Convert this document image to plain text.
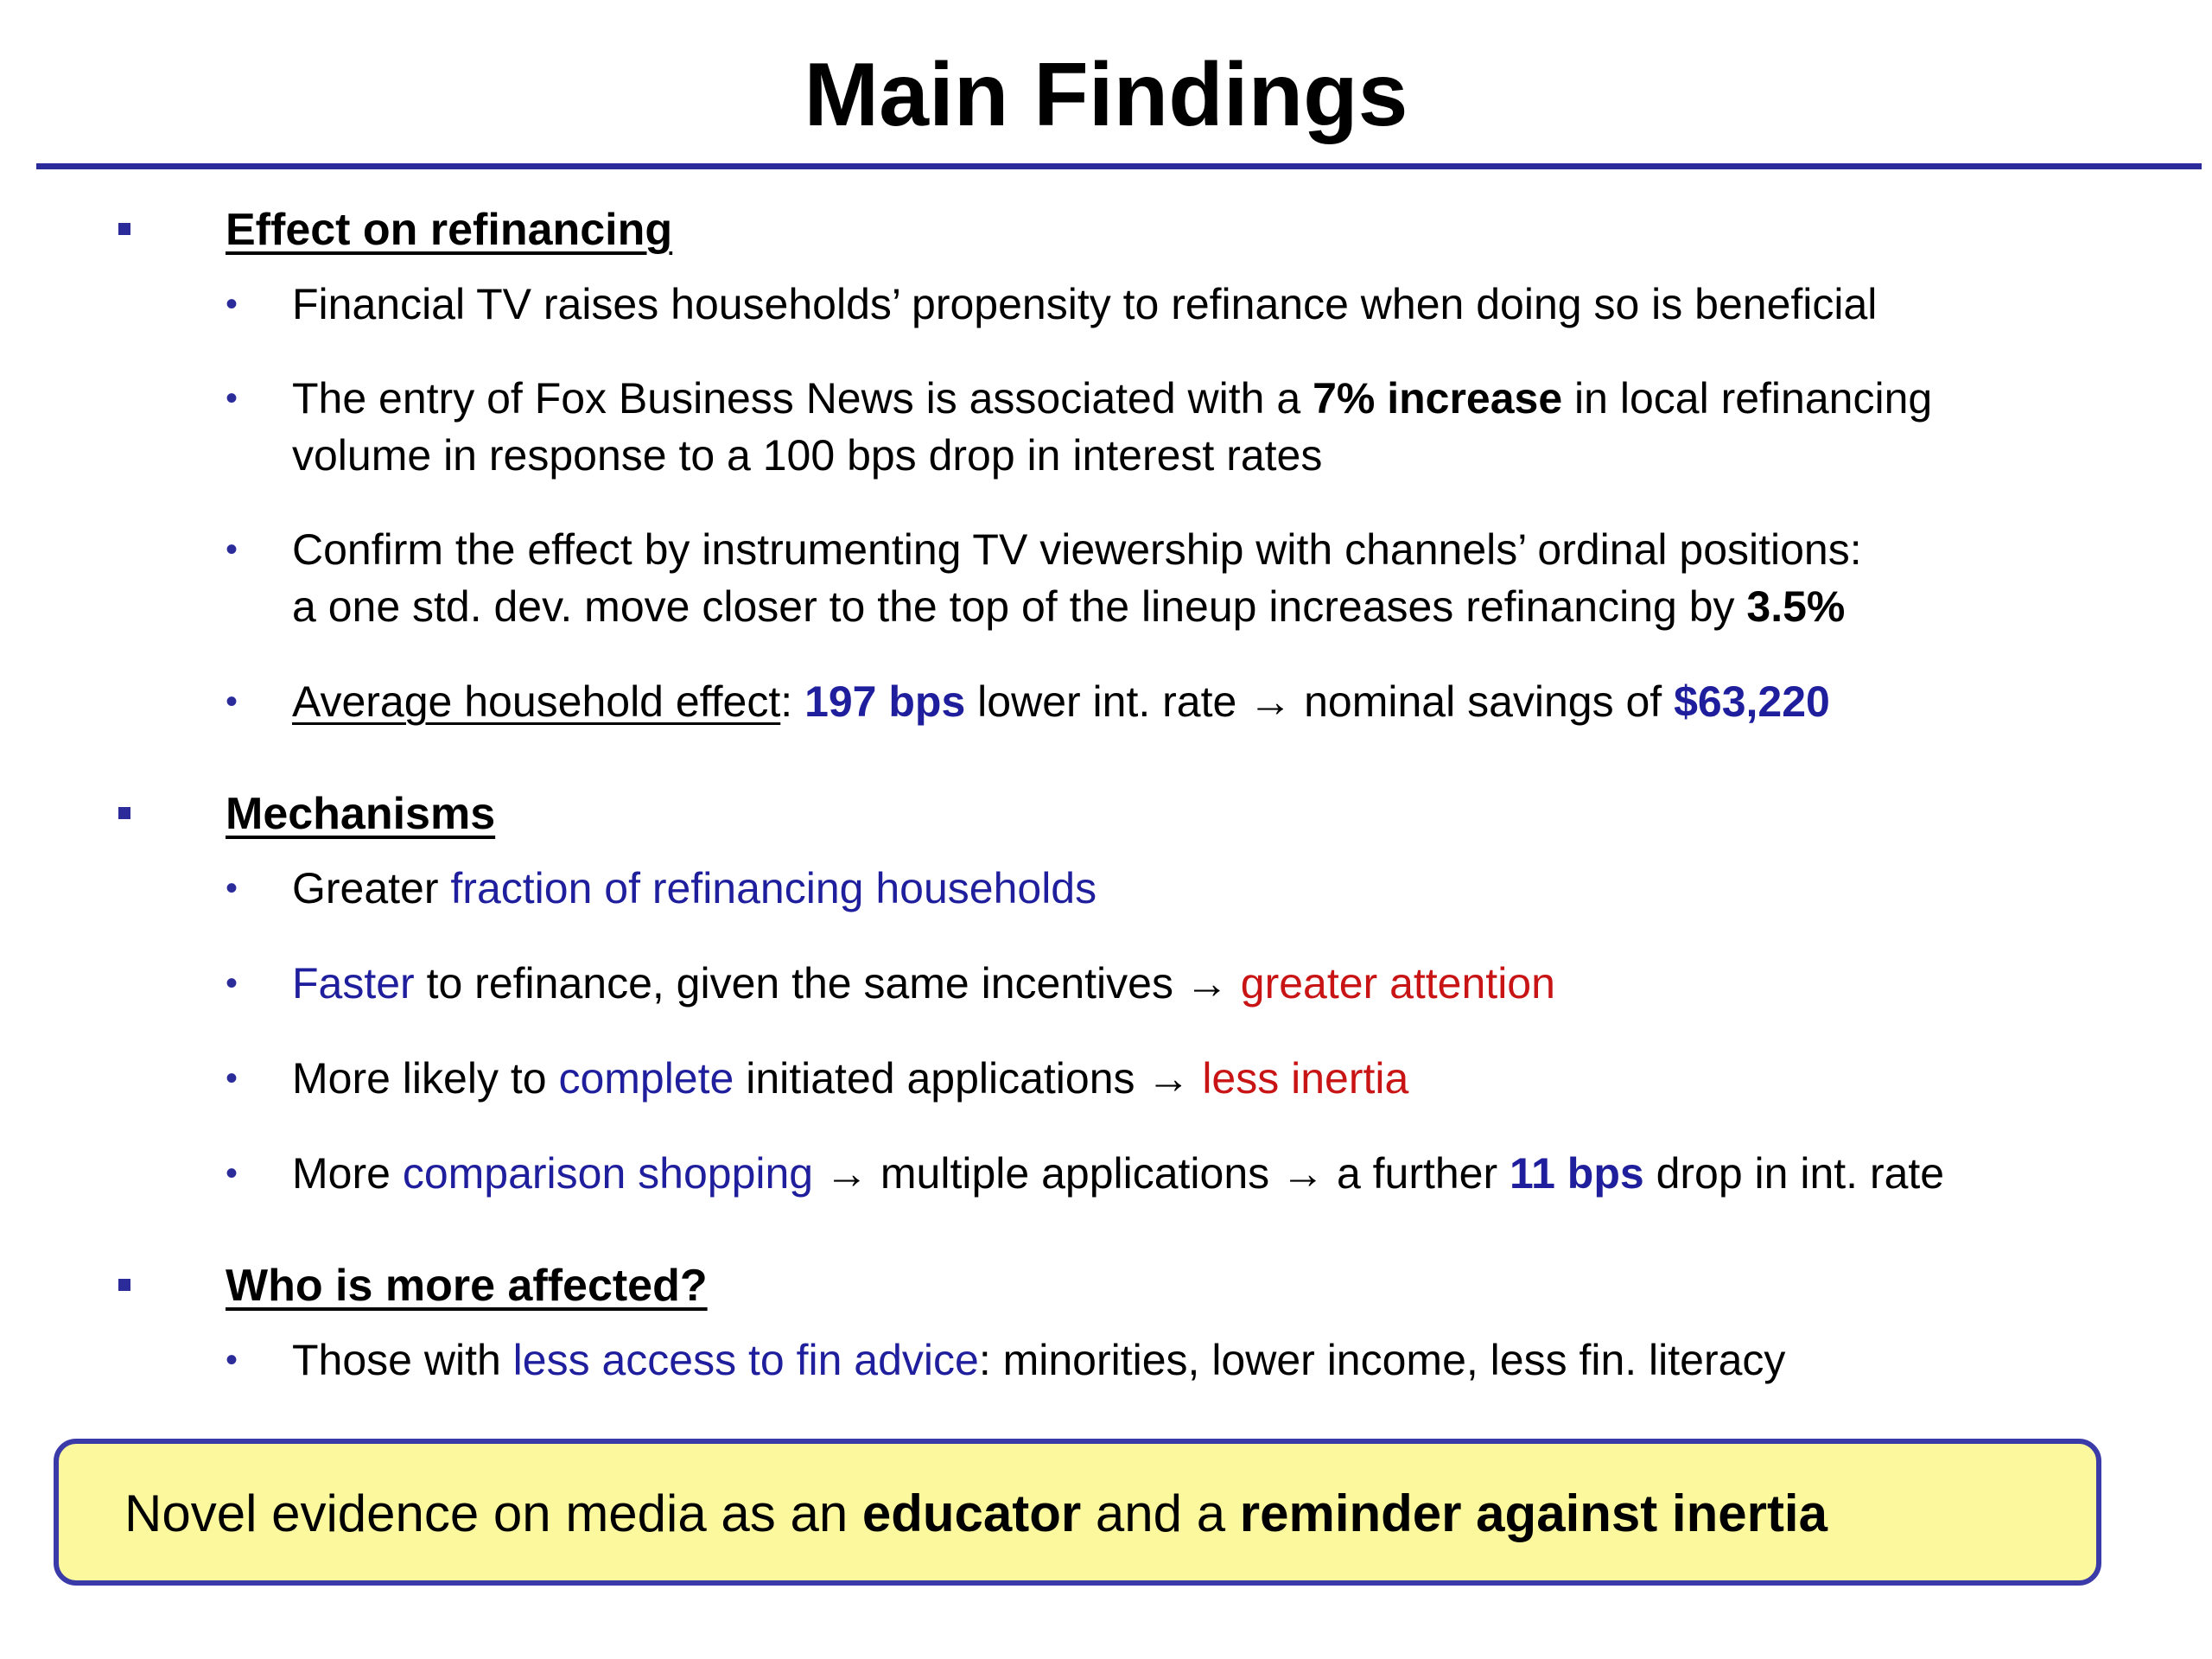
Main Findings
Effect on refinancing
• Financial TV raises households’ propensity to refinance when doing so is beneficial
• The entry of Fox Business News is associated with a 7% increase in local refinancing
volume in response to a 100 bps drop in interest rates
• Confirm the effect by instrumenting TV viewership with channels’ ordinal positions:
a one std. dev. move closer to the top of the lineup increases refinancing by 3.5%
• Average household effect: 197 bps lower int. rate → nominal savings of $63,220
Mechanisms
• Greater fraction of refinancing households
• Faster to refinance, given the same incentives → greater attention
• More likely to complete initiated applications → less inertia
• More comparison shopping → multiple applications → a further 11 bps drop in int. rate
Who is more affected?
• Those with less access to fin advice: minorities, lower income, less fin. literacy
Novel evidence on media as an educator and a reminder against inertia
